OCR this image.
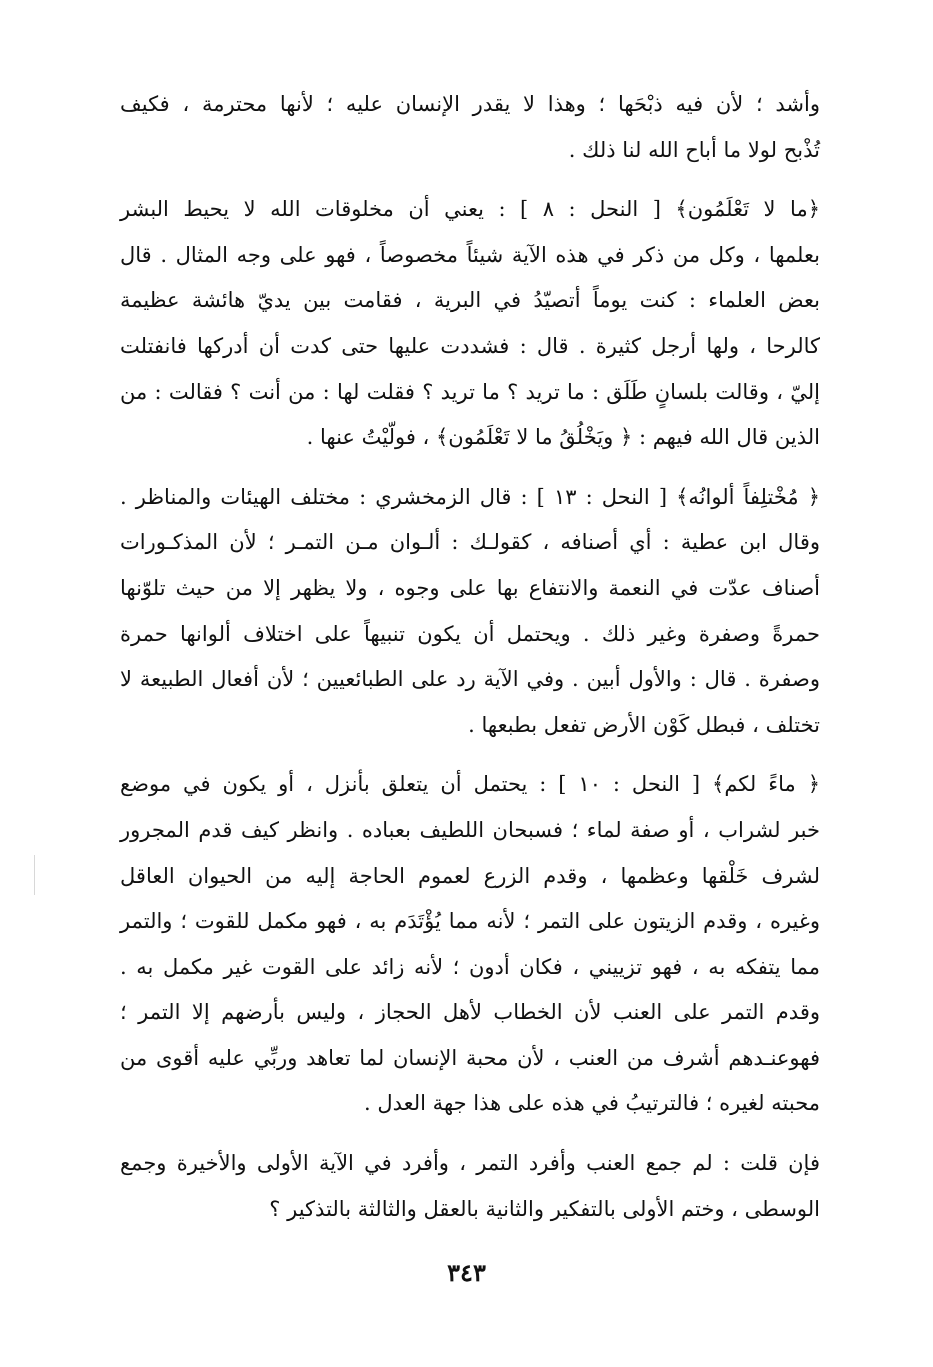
وأشد ؛ لأن فيه ذبْحَها ؛ وهذا لا يقدر الإنسان عليه ؛ لأنها محترمة ، فكيف
تُذْبح لولا ما أباح الله لنا ذلك .

﴿ما لا تَعْلَمُون﴾ [ النحل : ٨ ] : يعني أن مخلوقات الله لا يحيط البشر
بعلمها ، وكل من ذكر في هذه الآية شيئاً مخصوصاً ، فهو على وجه المثال . قال
بعض العلماء : كنت يوماً أتصيّدُ في البرية ، فقامت بين يديّ هائشة عظيمة
كالرحا ، ولها أرجل كثيرة . قال : فشددت عليها حتى كدت أن أدركها فانفتلت
إليّ ، وقالت بلسانٍ طَلَق : ما تريد ؟ ما تريد ؟ فقلت لها : من أنت ؟ فقالت : من
الذين قال الله فيهم : ﴿ ويَخْلُقُ ما لا تَعْلَمُون﴾ ، فولّيْتُ عنها .

﴿ مُخْتلِفاً ألوانُه﴾ [ النحل : ١٣ ] : قال الزمخشري : مختلف الهيئات والمناظر .
وقال ابن عطية : أي أصنافه ، كقولـك : ألـوان مـن التمـر ؛ لأن المذكـورات
أصناف عدّت في النعمة والانتفاع بها على وجوه ، ولا يظهر إلا من حيث تلوّنها
حمرةً وصفرة وغير ذلك . ويحتمل أن يكون تنبيهاً على اختلاف ألوانها حمرة
وصفرة . قال : والأول أبين . وفي الآية رد على الطبائعيين ؛ لأن أفعال الطبيعة لا
تختلف ، فبطل كَوْن الأرض تفعل بطبعها .

﴿ ماءً لكم﴾ [ النحل : ١٠ ] : يحتمل أن يتعلق بأنزل ، أو يكون في موضع
خبر لشراب ، أو صفة لماء ؛ فسبحان اللطيف بعباده . وانظر كيف قدم المجرور
لشرف خَلْقها وعظمها ، وقدم الزرع لعموم الحاجة إليه من الحيوان العاقل
وغيره ، وقدم الزيتون على التمر ؛ لأنه مما يُؤْتَدَم به ، فهو مكمل للقوت ؛ والتمر
مما يتفكه به ، فهو تزييني ، فكان أدون ؛ لأنه زائد على القوت غير مكمل به .
وقدم التمر على العنب لأن الخطاب لأهل الحجاز ، وليس بأرضهم إلا التمر ؛
فهوعنـدهم أشرف من العنب ، لأن محبة الإنسان لما تعاهد وربِّي عليه أقوى من
محبته لغيره ؛ فالترتيبُ في هذه على هذا جهة العدل .

فإن قلت : لم جمع العنب وأفرد التمر ، وأفرد في الآية الأولى والأخيرة وجمع
الوسطى ، وختم الأولى بالتفكير والثانية بالعقل والثالثة بالتذكير ؟

٣٤٣
